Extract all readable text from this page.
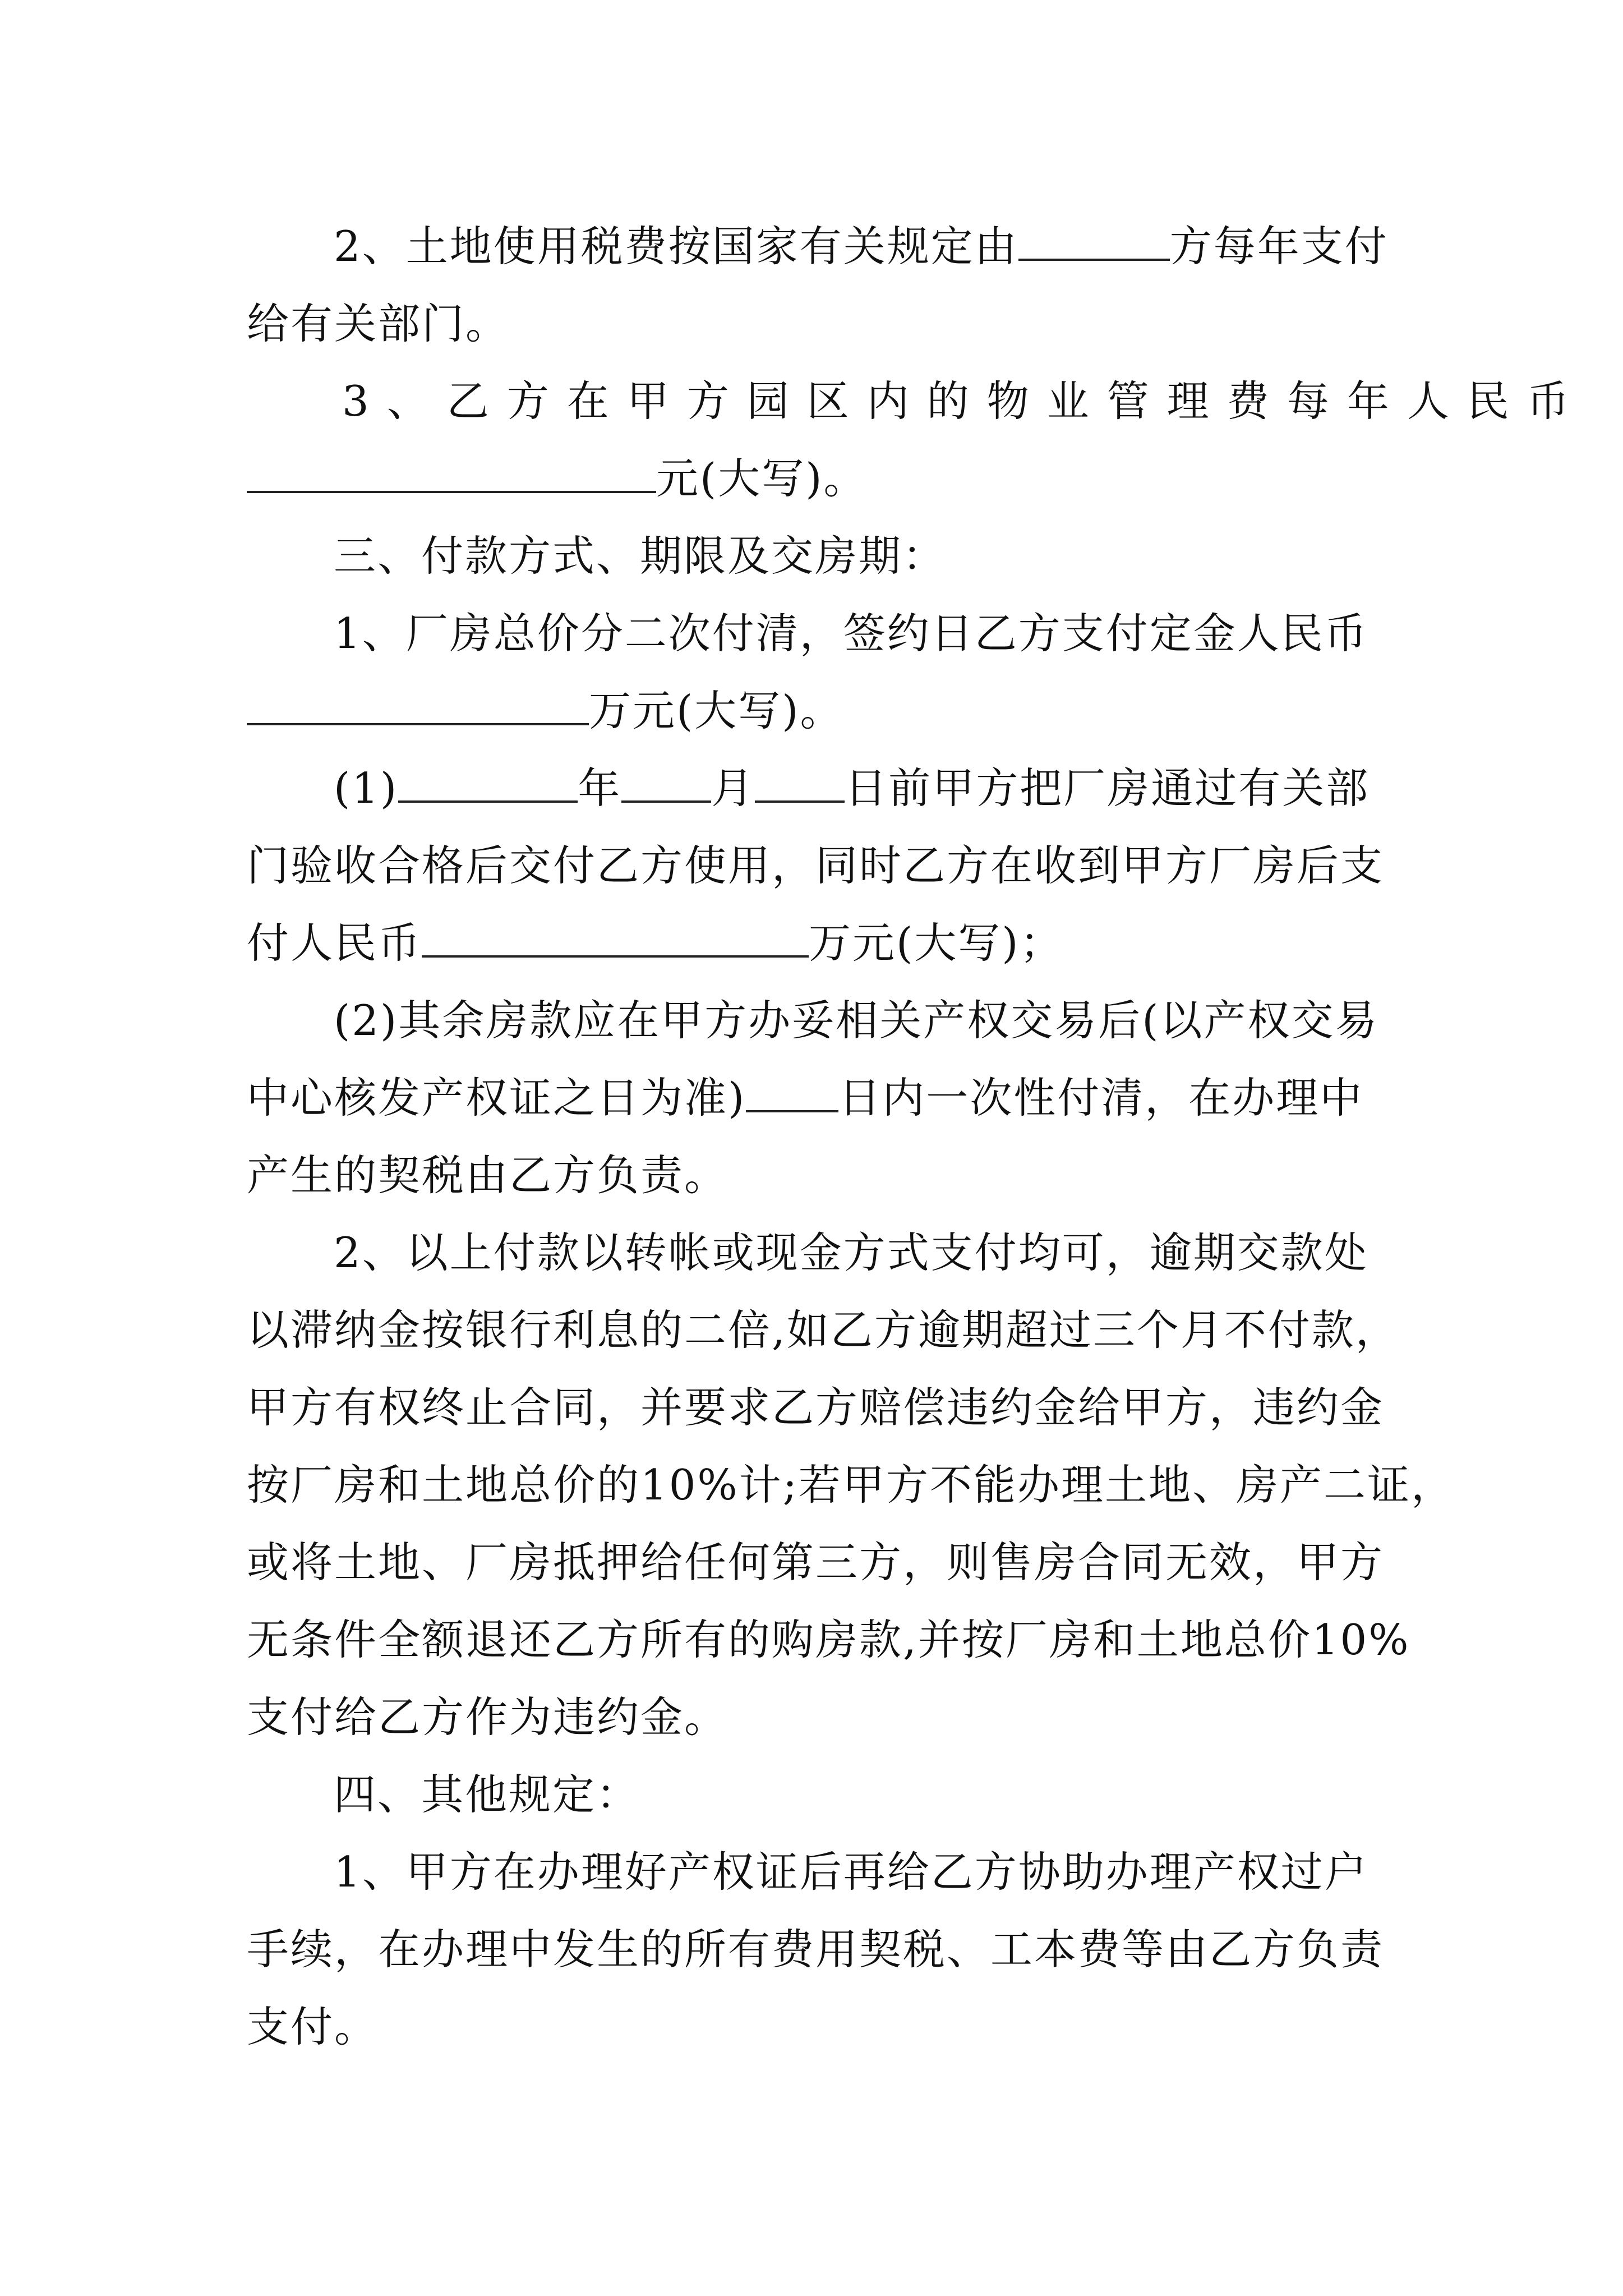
2、土地使用税费按国家有关规定由	方每年支付
给有关部门。
3、乙方在甲方园区内的物业管理费每年人民币
元(大写)。
三、付款方式、期限及交房期：
1、厂房总价分二次付清，签约日乙方支付定金人民币
万元(大写)。
(1)	年 月 日前甲方把厂房通过有关部
门验收合格后交付乙方使用，同时乙方在收到甲方厂房后支
付人民币	万元(大写)；
(2)其余房款应在甲方办妥相关产权交易后(以产权交易
中心核发产权证之日为准) 日内一次性付清，在办理中
产生的契税由乙方负责。
2、以上付款以转帐或现金方式支付均可，逾期交款处
以滞纳金按银行利息的二倍,如乙方逾期超过三个月不付款，
甲方有权终止合同，并要求乙方赔偿违约金给甲方，违约金
按厂房和土地总价的10%计;若甲方不能办理土地、房产二证，
或将土地、厂房抵押给任何第三方，则售房合同无效，甲方
无条件全额退还乙方所有的购房款,并按厂房和土地总价10%
支付给乙方作为违约金。
四、其他规定：
1、甲方在办理好产权证后再给乙方协助办理产权过户
手续，在办理中发生的所有费用契税、工本费等由乙方负责
支付。
